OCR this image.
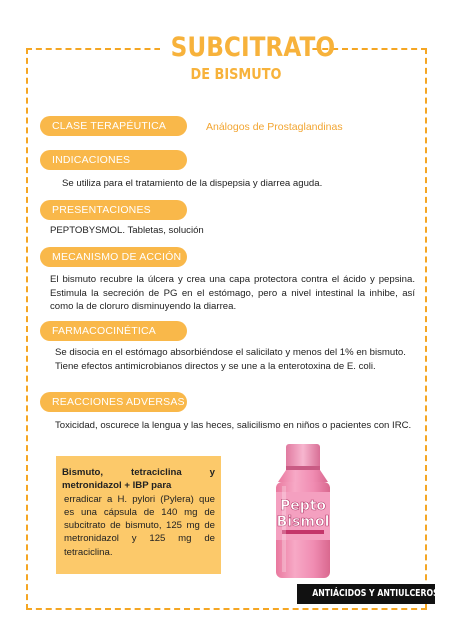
SUBCITRATO
DE BISMUTO
CLASE TERAPÉUTICA	Análogos de Prostaglandinas
INDICACIONES
Se utiliza para el tratamiento de la dispepsia y diarrea aguda.
PRESENTACIONES
PEPTOBYSMOL. Tabletas, solución
MECANISMO DE ACCIÓN
El bismuto recubre la úlcera y crea una capa protectora contra el ácido y pepsina. Estimula la secreción de PG en el estómago, pero a nivel intestinal la inhibe, así como la de cloruro disminuyendo la diarrea.
FARMACOCINÉTICA
Se disocia en el estómago absorbiéndose el salicilato y menos del 1% en bismuto. Tiene efectos antimicrobianos directos y se une a la enterotoxina de E. coli.
REACCIONES ADVERSAS
Toxicidad, oscurece la lengua y las heces, salicilismo en niños o pacientes con IRC.
Bismuto, tetraciclina y metronidazol + IBP para
erradicar a H. pylori (Pylera) que es una cápsula de 140 mg de subcitrato de bismuto, 125 mg de metronidazol y 125 mg de tetraciclina.
Pepto
Bismol
ANTIÁCIDOS Y ANTIULCEROSOS
